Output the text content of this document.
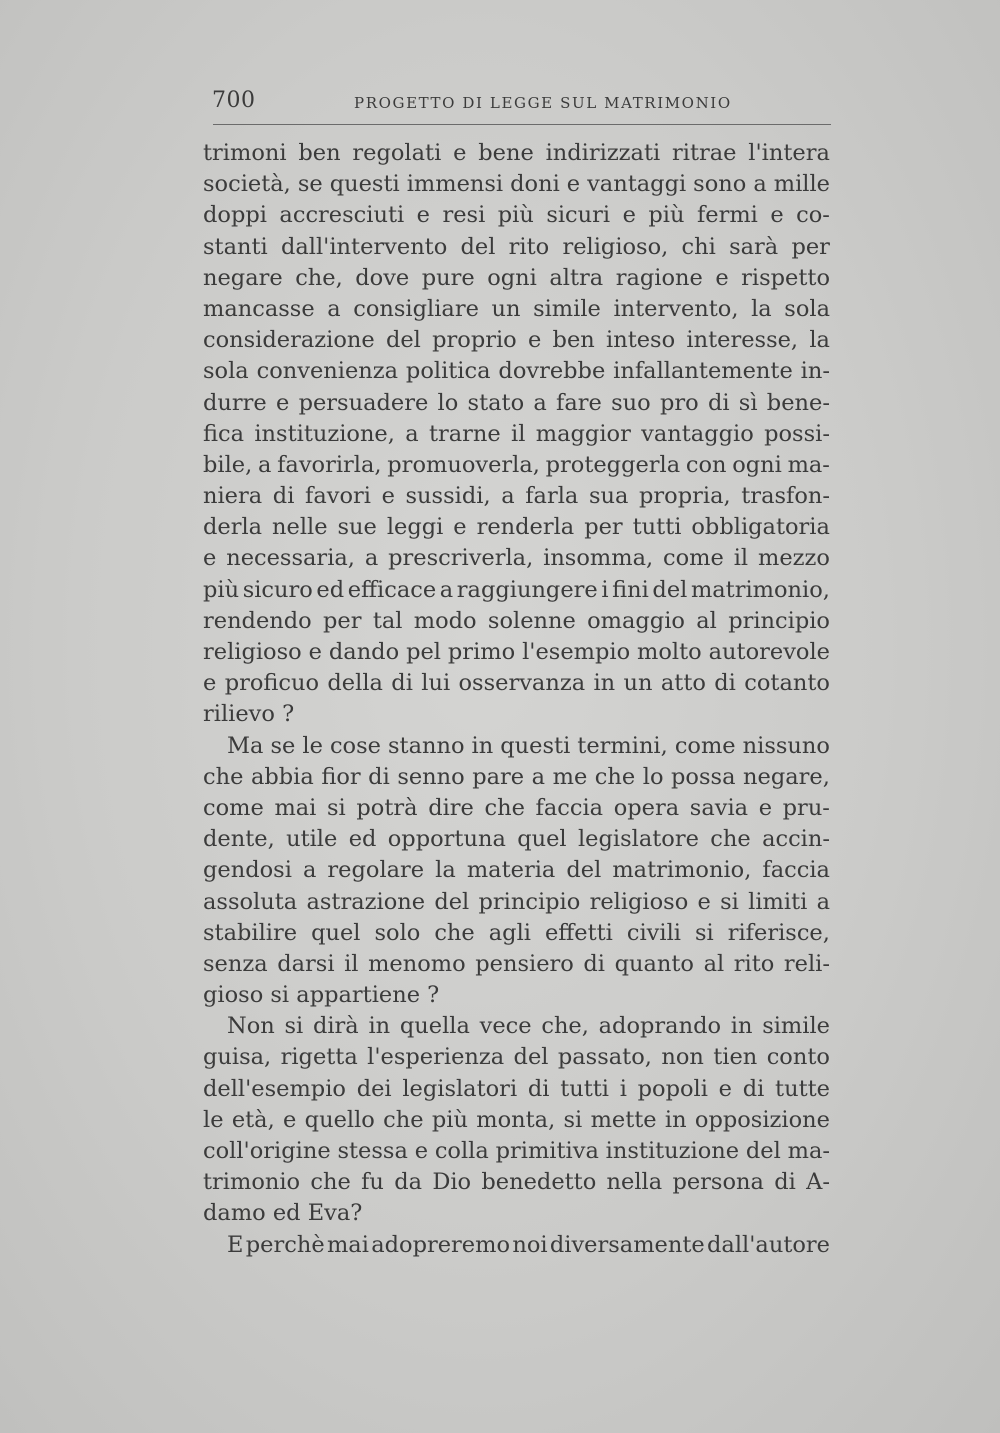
700	PROGETTO DI LEGGE SUL MATRIMONIO
trimoni ben regolati e bene indirizzati ritrae l'intera
società, se questi immensi doni e vantaggi sono a mille
doppi accresciuti e resi più sicuri e più fermi e co-
stanti dall'intervento del rito religioso, chi sarà per
negare che, dove pure ogni altra ragione e rispetto
mancasse a consigliare un simile intervento, la sola
considerazione del proprio e ben inteso interesse, la
sola convenienza politica dovrebbe infallantemente in-
durre e persuadere lo stato a fare suo pro di sì bene-
fica instituzione, a trarne il maggior vantaggio possi-
bile, a favorirla, promuoverla, proteggerla con ogni ma-
niera di favori e sussidi, a farla sua propria, trasfon-
derla nelle sue leggi e renderla per tutti obbligatoria
e necessaria, a prescriverla, insomma, come il mezzo
più sicuro ed efficace a raggiungere i fini del matrimonio,
rendendo per tal modo solenne omaggio al principio
religioso e dando pel primo l'esempio molto autorevole
e proficuo della di lui osservanza in un atto di cotanto
rilievo ?
Ma se le cose stanno in questi termini, come nissuno
che abbia fior di senno pare a me che lo possa negare,
come mai si potrà dire che faccia opera savia e pru-
dente, utile ed opportuna quel legislatore che accin-
gendosi a regolare la materia del matrimonio, faccia
assoluta astrazione del principio religioso e si limiti a
stabilire quel solo che agli effetti civili si riferisce,
senza darsi il menomo pensiero di quanto al rito reli-
gioso si appartiene ?
Non si dirà in quella vece che, adoprando in simile
guisa, rigetta l'esperienza del passato, non tien conto
dell'esempio dei legislatori di tutti i popoli e di tutte
le età, e quello che più monta, si mette in opposizione
coll'origine stessa e colla primitiva instituzione del ma-
trimonio che fu da Dio benedetto nella persona di A-
damo ed Eva?
E perchè mai adopreremo noi diversamente dall'autore
